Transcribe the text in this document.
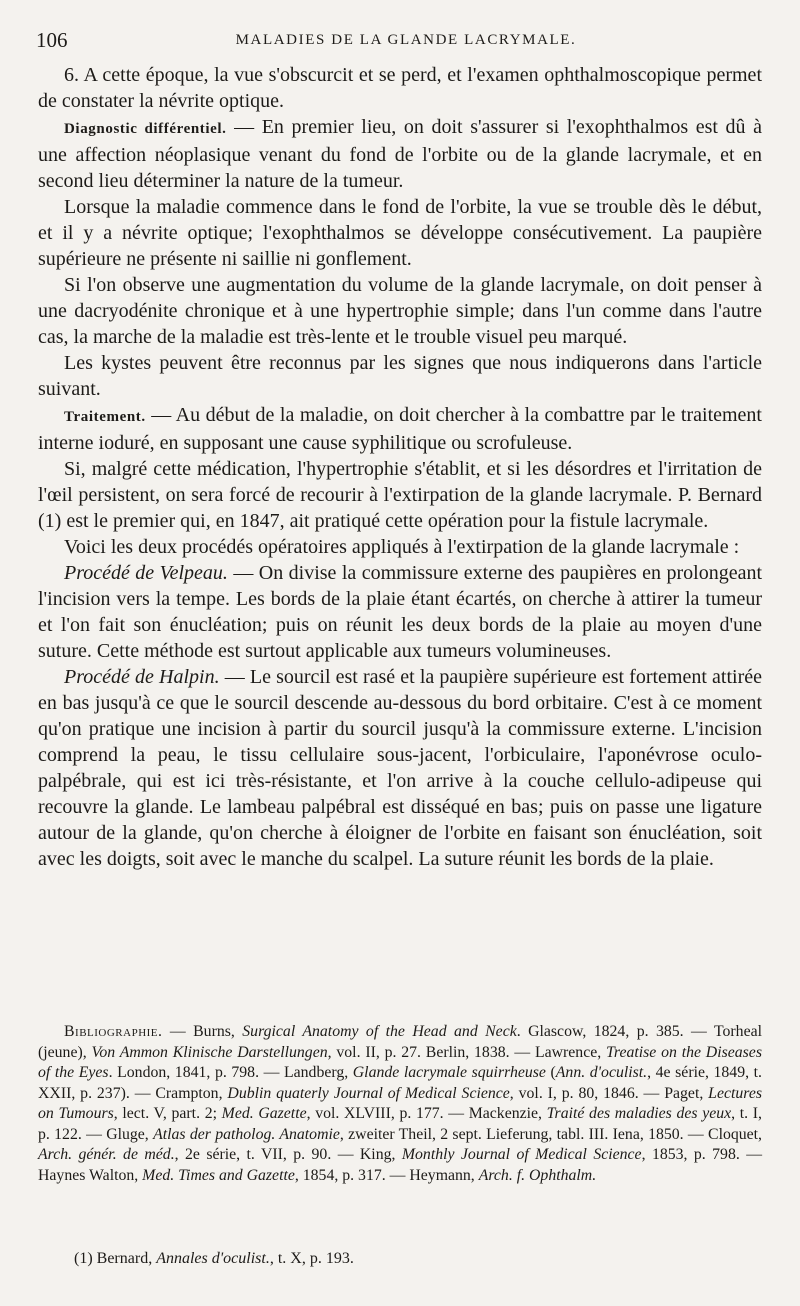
106	MALADIES DE LA GLANDE LACRYMALE.

6. A cette époque, la vue s'obscurcit et se perd, et l'examen ophthalmoscopique permet de constater la névrite optique.

Diagnostic différentiel. — En premier lieu, on doit s'assurer si l'exophthalmos est dû à une affection néoplasique venant du fond de l'orbite ou de la glande lacrymale, et en second lieu déterminer la nature de la tumeur.

Lorsque la maladie commence dans le fond de l'orbite, la vue se trouble dès le début, et il y a névrite optique; l'exophthalmos se développe consécutivement. La paupière supérieure ne présente ni saillie ni gonflement.

Si l'on observe une augmentation du volume de la glande lacrymale, on doit penser à une dacryodénite chronique et à une hypertrophie simple; dans l'un comme dans l'autre cas, la marche de la maladie est très-lente et le trouble visuel peu marqué.

Les kystes peuvent être reconnus par les signes que nous indiquerons dans l'article suivant.

Traitement. — Au début de la maladie, on doit chercher à la combattre par le traitement interne ioduré, en supposant une cause syphilitique ou scrofuleuse.

Si, malgré cette médication, l'hypertrophie s'établit, et si les désordres et l'irritation de l'œil persistent, on sera forcé de recourir à l'extirpation de la glande lacrymale. P. Bernard (1) est le premier qui, en 1847, ait pratiqué cette opération pour la fistule lacrymale.

Voici les deux procédés opératoires appliqués à l'extirpation de la glande lacrymale :

Procédé de Velpeau. — On divise la commissure externe des paupières en prolongeant l'incision vers la tempe. Les bords de la plaie étant écartés, on cherche à attirer la tumeur et l'on fait son énucléation; puis on réunit les deux bords de la plaie au moyen d'une suture. Cette méthode est surtout applicable aux tumeurs volumineuses.

Procédé de Halpin. — Le sourcil est rasé et la paupière supérieure est fortement attirée en bas jusqu'à ce que le sourcil descende au-dessous du bord orbitaire. C'est à ce moment qu'on pratique une incision à partir du sourcil jusqu'à la commissure externe. L'incision comprend la peau, le tissu cellulaire sous-jacent, l'orbiculaire, l'aponévrose oculo-palpébrale, qui est ici très-résistante, et l'on arrive à la couche cellulo-adipeuse qui recouvre la glande. Le lambeau palpébral est disséqué en bas; puis on passe une ligature autour de la glande, qu'on cherche à éloigner de l'orbite en faisant son énucléation, soit avec les doigts, soit avec le manche du scalpel. La suture réunit les bords de la plaie.

Bibliographie. — Burns, Surgical Anatomy of the Head and Neck. Glascow, 1824, p. 385. — Torheal (jeune), Von Ammon Klinische Darstellungen, vol. II, p. 27. Berlin, 1838. — Lawrence, Treatise on the Diseases of the Eyes. London, 1841, p. 798. — Landberg, Glande lacrymale squirrheuse (Ann. d'oculist., 4e série, 1849, t. XXII, p. 237). — Crampton, Dublin quaterly Journal of Medical Science, vol. I, p. 80, 1846. — Paget, Lectures on Tumours, lect. V, part. 2; Med. Gazette, vol. XLVIII, p. 177. — Mackenzie, Traité des maladies des yeux, t. I, p. 122. — Gluge, Atlas der patholog. Anatomie, zweiter Theil, 2 sept. Lieferung, tabl. III. Iena, 1850. — Cloquet, Arch. génér. de méd., 2e série, t. VII, p. 90. — King, Monthly Journal of Medical Science, 1853, p. 798. — Haynes Walton, Med. Times and Gazette, 1854, p. 317. — Heymann, Arch. f. Ophthalm.

(1) Bernard, Annales d'oculist., t. X, p. 193.
